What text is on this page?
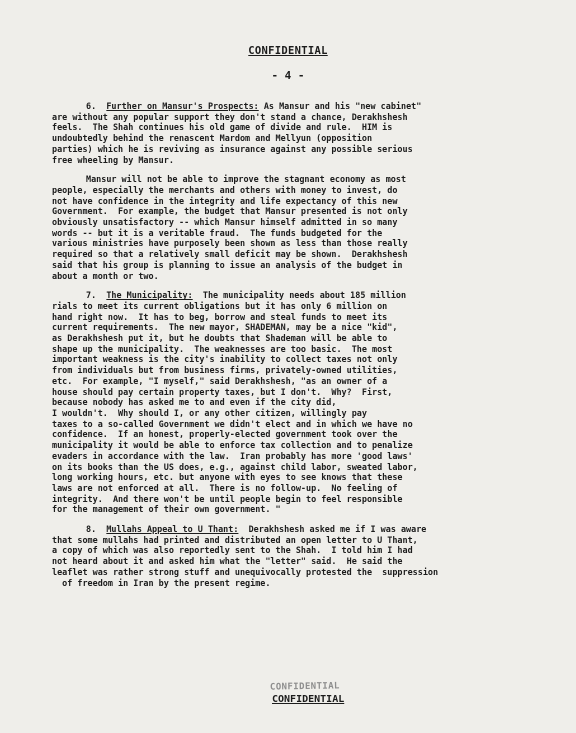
CONFIDENTIAL
- 4 -
6. Further on Mansur's Prospects: As Mansur and his "new cabinet"
are without any popular support they don't stand a chance, Derakhshesh
feels.  The Shah continues his old game of divide and rule.  HIM is
undoubtedly behind the renascent Mardom and Mellyun (opposition
parties) which he is reviving as insurance against any possible serious
free wheeling by Mansur.
Mansur will not be able to improve the stagnant economy as most
people, especially the merchants and others with money to invest, do
not have confidence in the integrity and life expectancy of this new
Government.  For example, the budget that Mansur presented is not only
obviously unsatisfactory -- which Mansur himself admitted in so many
words -- but it is a veritable fraud.  The funds budgeted for the
various ministries have purposely been shown as less than those really
required so that a relatively small deficit may be shown.  Derakhshesh
said that his group is planning to issue an analysis of the budget in
about a month or two.
7. The Municipality:  The municipality needs about 185 million
rials to meet its current obligations but it has only 6 million on
hand right now.  It has to beg, borrow and steal funds to meet its
current requirements.  The new mayor, SHADEMAN, may be a nice "kid",
as Derakhshesh put it, but he doubts that Shademan will be able to
shape up the municipality.  The weaknesses are too basic.  The most
important weakness is the city's inability to collect taxes not only
from individuals but from business firms, privately-owned utilities,
etc.  For example, "I myself," said Derakhshesh, "as an owner of a
house should pay certain property taxes, but I don't.  Why?  First,
because nobody has asked me to and even if the city did,
I wouldn't.  Why should I, or any other citizen, willingly pay
taxes to a so-called Government we didn't elect and in which we have no
confidence.  If an honest, properly-elected government took over the
municipality it would be able to enforce tax collection and to penalize
evaders in accordance with the law.  Iran probably has more 'good laws'
on its books than the US does, e.g., against child labor, sweated labor,
long working hours, etc. but anyone with eyes to see knows that these
laws are not enforced at all.  There is no follow-up.  No feeling of
integrity.  And there won't be until people begin to feel responsible
for the management of their own government. "
8. Mullahs Appeal to U Thant:  Derakhshesh asked me if I was aware
that some mullahs had printed and distributed an open letter to U Thant,
a copy of which was also reportedly sent to the Shah.  I told him I had
not heard about it and asked him what the "letter" said.  He said the
leaflet was rather strong stuff and unequivocally protested the  suppression
of freedom in Iran by the present regime.
CONFIDENTIAL
CONFIDENTIAL
